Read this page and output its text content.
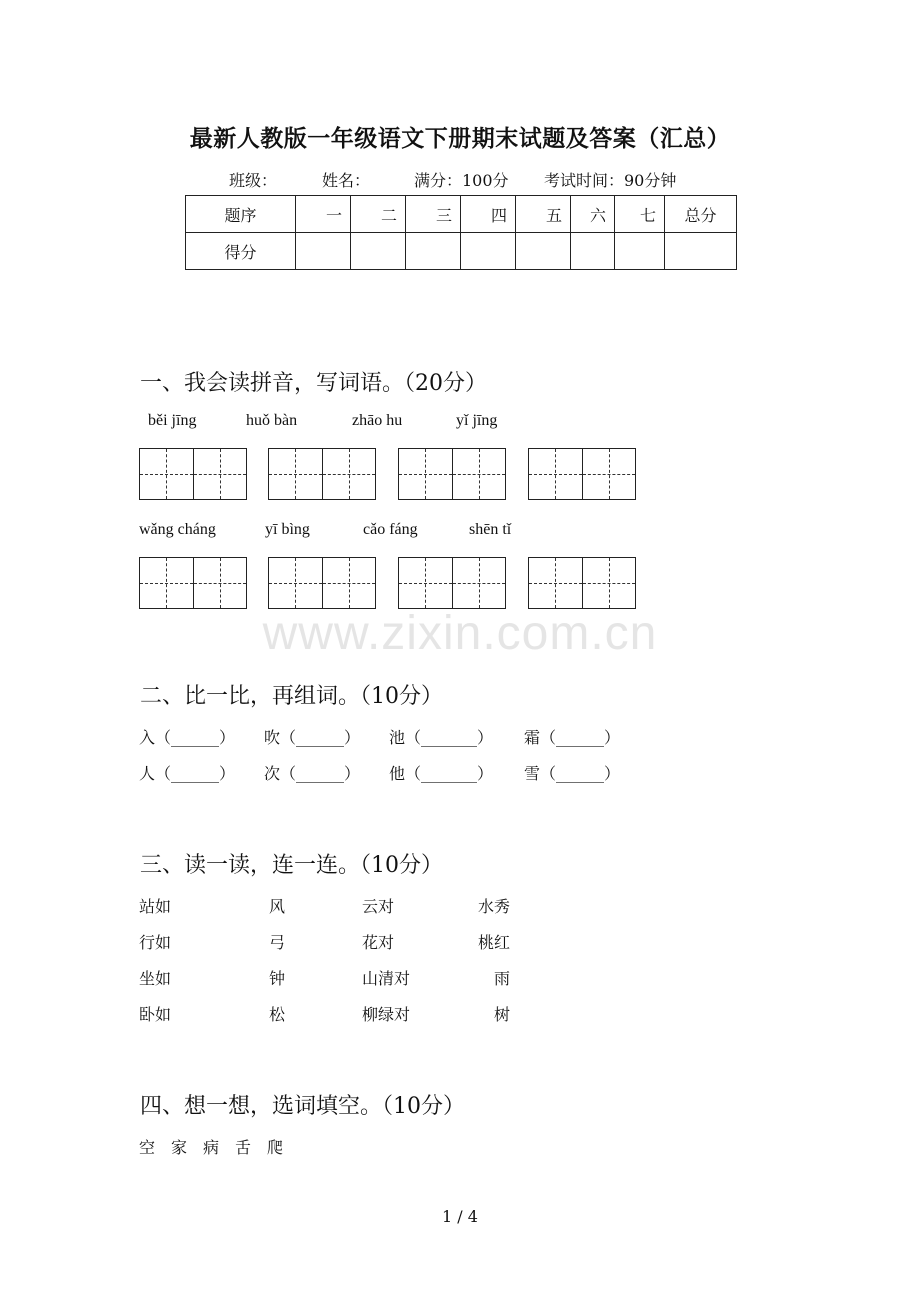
最新人教版一年级语文下册期末试题及答案（汇总）
班级：	姓名：	满分：100分 考试时间：90分钟
题序	一	二	三	四	五	六	七	总分
得分								
一、我会读拼音，写词语。（20分）
běi jīng	huǒ bàn	zhāo hu	yǐ jīng
wǎng cháng	yī bìng	cǎo fáng	shēn tǐ
www.zixin.com.cn
二、比一比，再组词。（10分）
入（______） 吹（______） 池（_______） 霜（______）
人（______） 次（______） 他（_______） 雪（______）
三、读一读，连一连。（10分）
站如	风	云对	水秀
行如	弓	花对	桃红
坐如	钟	山清对	雨
卧如	松	柳绿对	树
四、想一想，选词填空。（10分）
空　家　病　舌　爬
1 / 4
